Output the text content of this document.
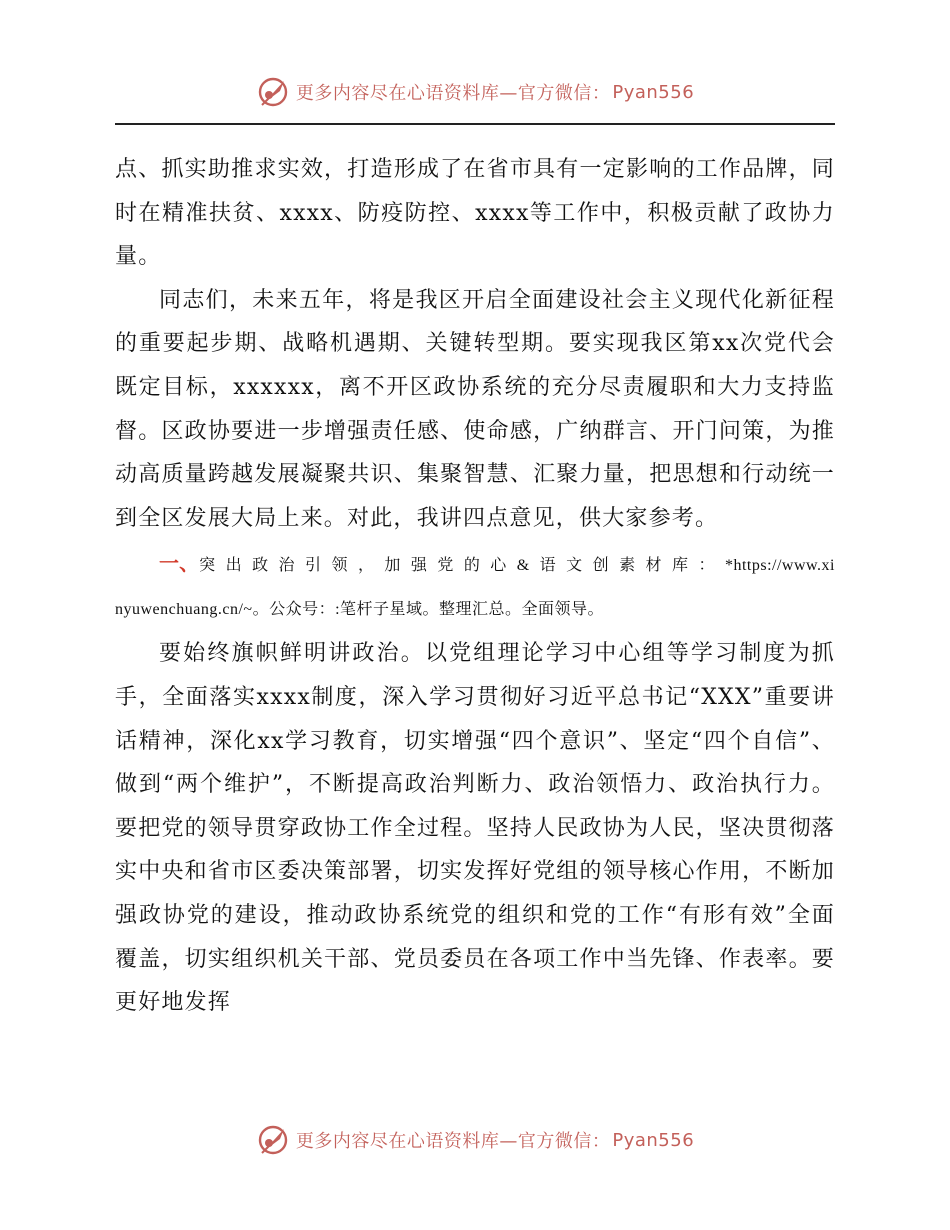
更多内容尽在心语资料库—官方微信： Pyan556

点、抓实助推求实效，打造形成了在省市具有一定影响的工作品牌，同时在精准扶贫、xxxx、防疫防控、xxxx等工作中，积极贡献了政协力量。

同志们，未来五年，将是我区开启全面建设社会主义现代化新征程的重要起步期、战略机遇期、关键转型期。要实现我区第xx次党代会既定目标，xxxxxx，离不开区政协系统的充分尽责履职和大力支持监督。区政协要进一步增强责任感、使命感，广纳群言、开门问策，为推动高质量跨越发展凝聚共识、集聚智慧、汇聚力量，把思想和行动统一到全区发展大局上来。对此，我讲四点意见，供大家参考。

一、突出政治引领，加强党的心&语文创素材库：*https://www.xinyuwenchuang.cn/~。公众号：:笔杆子星域。整理汇总。全面领导。

要始终旗帜鲜明讲政治。以党组理论学习中心组等学习制度为抓手，全面落实xxxx制度，深入学习贯彻好习近平总书记“XXX”重要讲话精神，深化xx学习教育，切实增强“四个意识”、坚定“四个自信”、做到“两个维护”，不断提高政治判断力、政治领悟力、政治执行力。要把党的领导贯穿政协工作全过程。坚持人民政协为人民，坚决贯彻落实中央和省市区委决策部署，切实发挥好党组的领导核心作用，不断加强政协党的建设，推动政协系统党的组织和党的工作“有形有效”全面覆盖，切实组织机关干部、党员委员在各项工作中当先锋、作表率。要更好地发挥

更多内容尽在心语资料库—官方微信： Pyan556
